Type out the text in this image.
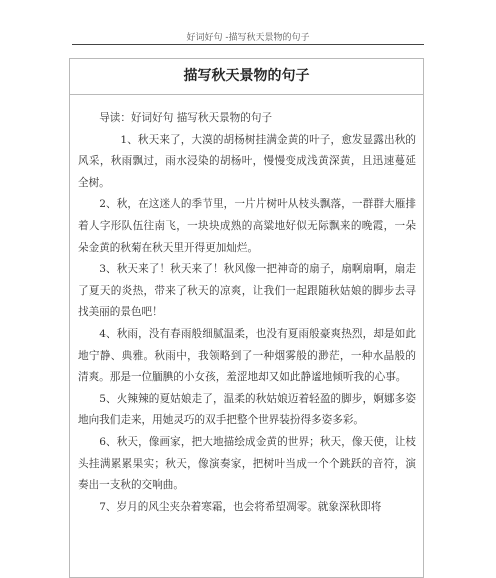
好词好句 -描写秋天景物的句子
描写秋天景物的句子

导读：好词好句 描写秋天景物的句子

1、秋天来了，大漠的胡杨树挂满金黄的叶子，愈发显露出秋的风采，秋雨飘过，雨水浸染的胡杨叶，慢慢变成浅黄深黄，且迅速蔓延全树。

2、秋，在这迷人的季节里，一片片树叶从枝头飘落，一群群大雁排着人字形队伍往南飞，一块块成熟的高粱地好似无际飘来的晚霞，一朵朵金黄的秋菊在秋天里开得更加灿烂。

3、秋天来了！秋天来了！秋风像一把神奇的扇子，扇啊扇啊，扇走了夏天的炎热，带来了秋天的凉爽，让我们一起跟随秋姑娘的脚步去寻找美丽的景色吧！

4、秋雨，没有春雨般细腻温柔，也没有夏雨般豪爽热烈，却是如此地宁静、典雅。秋雨中，我领略到了一种烟雾般的渺茫，一种水晶般的清爽。那是一位腼腆的小女孩，羞涩地却又如此静谧地倾听我的心事。

5、火辣辣的夏姑娘走了，温柔的秋姑娘迈着轻盈的脚步，婀娜多姿地向我们走来，用她灵巧的双手把整个世界装扮得多姿多彩。

6、秋天，像画家，把大地描绘成金黄的世界；秋天，像天使，让枝头挂满累累果实；秋天，像演奏家，把树叶当成一个个跳跃的音符，演奏出一支秋的交响曲。

7、岁月的风尘夹杂着寒霜，也会将希望凋零。就象深秋即将
